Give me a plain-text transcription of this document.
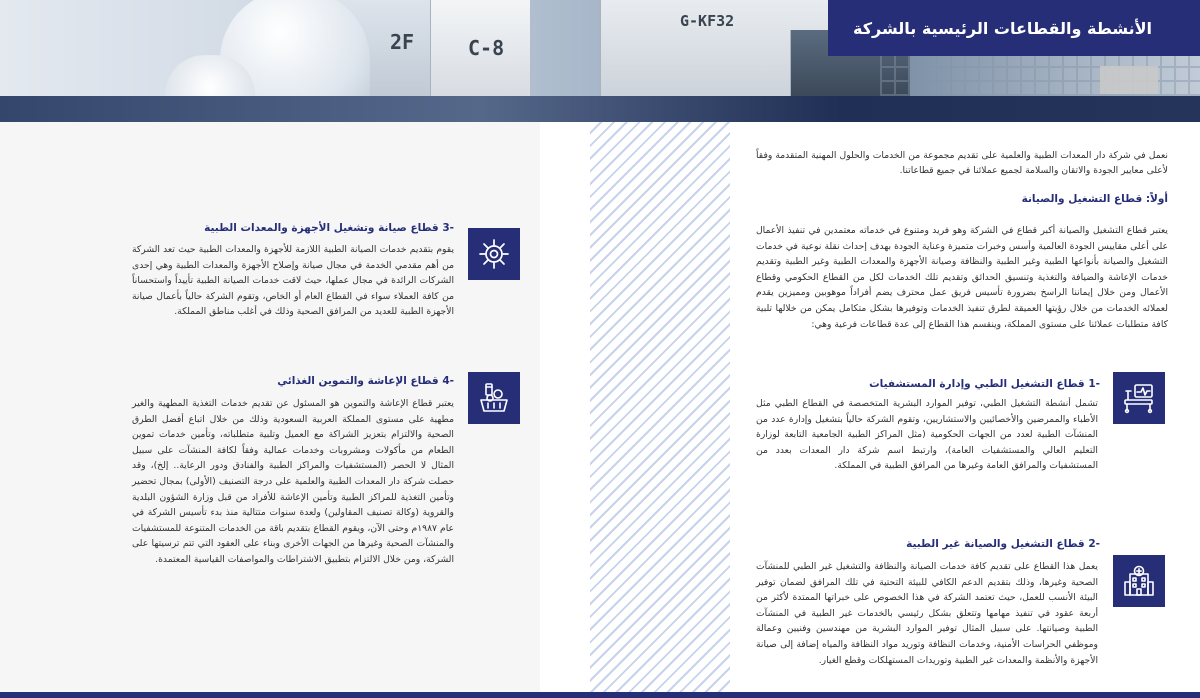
2F	C-8
G-KF32	الأنشطة والقطاعات الرئيسية بالشركة

نعمل في شركة دار المعدات الطبية والعلمية على تقديم مجموعة من الخدمات والحلول المهنية المتقدمة وفقاً لأعلى معايير الجودة والاتقان والسلامة لجميع عملائنا في جميع قطاعاتنا.

أولاً: قطاع التشغيل والصيانة

يعتبر قطاع التشغيل والصيانة أكبر قطاع في الشركة وهو فريد ومتنوع في خدماته معتمدين في تنفيذ الأعمال على أعلى مقاييس الجودة العالمية وأسس وخبرات متميزة وعناية الجودة بهدف إحداث نقلة نوعية في خدمات التشغيل والصيانة بأنواعها الطبية وغير الطبية والنظافة وصيانة الأجهزة والمعدات الطبية وغير الطبية وتقديم خدمات الإعاشة والضيافة والتغذية وتنسيق الحدائق وتقديم تلك الخدمات لكل من القطاع الحكومي وقطاع الأعمال ومن خلال إيماننا الراسخ بضرورة تأسيس فريق عمل محترف يضم أفراداً موهوبين ومميزين يقدم لعملائه الخدمات من خلال رؤيتها العميقة لطرق تنفيذ الخدمات وتوفيرها بشكل متكامل يمكن من خلالها تلبية كافة متطلبات عملائنا على مستوى المملكة، وينقسم هذا القطاع إلى عدة قطاعات فرعية وهي:

-1 قطاع التشغيل الطبي وإدارة المستشفيات

تشمل أنشطة التشغيل الطبي، توفير الموارد البشرية المتخصصة في القطاع الطبي مثل الأطباء والممرضين والأخصائيين والاستشاريين، وتقوم الشركة حالياً بتشغيل وإدارة عدد من المنشآت الطبية لعدد من الجهات الحكومية (مثل المراكز الطبية الجامعية التابعة لوزارة التعليم العالي والمستشفيات العامة)، وارتبط اسم شركة دار المعدات بعدد من المستشفيات والمرافق العامة وغيرها من المرافق الطبية في المملكة.

-2 قطاع التشغيل والصيانة غير الطبية

يعمل هذا القطاع على تقديم كافة خدمات الصيانة والنظافة والتشغيل غير الطبي للمنشآت الصحية وغيرها، وذلك بتقديم الدعم الكافي للبيئة التحتية في تلك المرافق لضمان توفير البيئة الأنسب للعمل، حيث تعتمد الشركة في هذا الخصوص على خبراتها الممتدة لأكثر من أربعة عقود في تنفيذ مهامها وتتعلق بشكل رئيسي بالخدمات غير الطبية في المنشآت الطبية وصيانتها. على سبيل المثال توفير الموارد البشرية من مهندسين وفنيين وعمالة وموظفي الحراسات الأمنية، وخدمات النظافة وتوريد مواد النظافة والمياه إضافة إلى صيانة الأجهزة والأنظمة والمعدات غير الطبية وتوريدات المستهلكات وقطع الغيار.

-3 قطاع صيانة وتشغيل الأجهزة والمعدات الطبية

يقوم بتقديم خدمات الصيانة الطبية اللازمة للأجهزة والمعدات الطبية حيث تعد الشركة من أهم مقدمي الخدمة في مجال صيانة وإصلاح الأجهزة والمعدات الطبية وهي إحدى الشركات الرائدة في مجال عملها، حيث لاقت خدمات الصيانة الطبية تأييداً واستحساناً من كافة العملاء سواء في القطاع العام أو الخاص، وتقوم الشركة حالياً بأعمال صيانة الأجهزة الطبية للعديد من المرافق الصحية وذلك في أغلب مناطق المملكة.

-4 قطاع الإعاشة والتموين الغذائي

يعتبر قطاع الإعاشة والتموين هو المسئول عن تقديم خدمات التغذية المطهية والغير مطهية على مستوى المملكة العربية السعودية وذلك من خلال اتباع أفضل الطرق الصحية والالتزام بتعزيز الشراكة مع العميل وتلبية متطلباته، وتأمين خدمات تموين الطعام من مأكولات ومشروبات وخدمات عمالية وفقاً لكافة المنشآت على سبيل المثال لا الحصر (المستشفيات والمراكز الطبية والفنادق ودور الرعاية.. إلخ)، وقد حصلت شركة دار المعدات الطبية والعلمية على درجة التصنيف (الأولى) بمجال تحضير وتأمين التغذية للمراكز الطبية وتأمين الإعاشة للأفراد من قبل وزارة الشؤون البلدية والقروية (وكالة تصنيف المقاولين) ولعدة سنوات متتالية منذ بدء تأسيس الشركة في عام ١٩٨٧م وحتى الآن، ويقوم القطاع بتقديم باقة من الخدمات المتنوعة للمستشفيات والمنشآت الصحية وغيرها من الجهات الأخرى وبناء على العقود التي تتم ترسيتها على الشركة، ومن خلال الالتزام بتطبيق الاشتراطات والمواصفات القياسية المعتمدة.
